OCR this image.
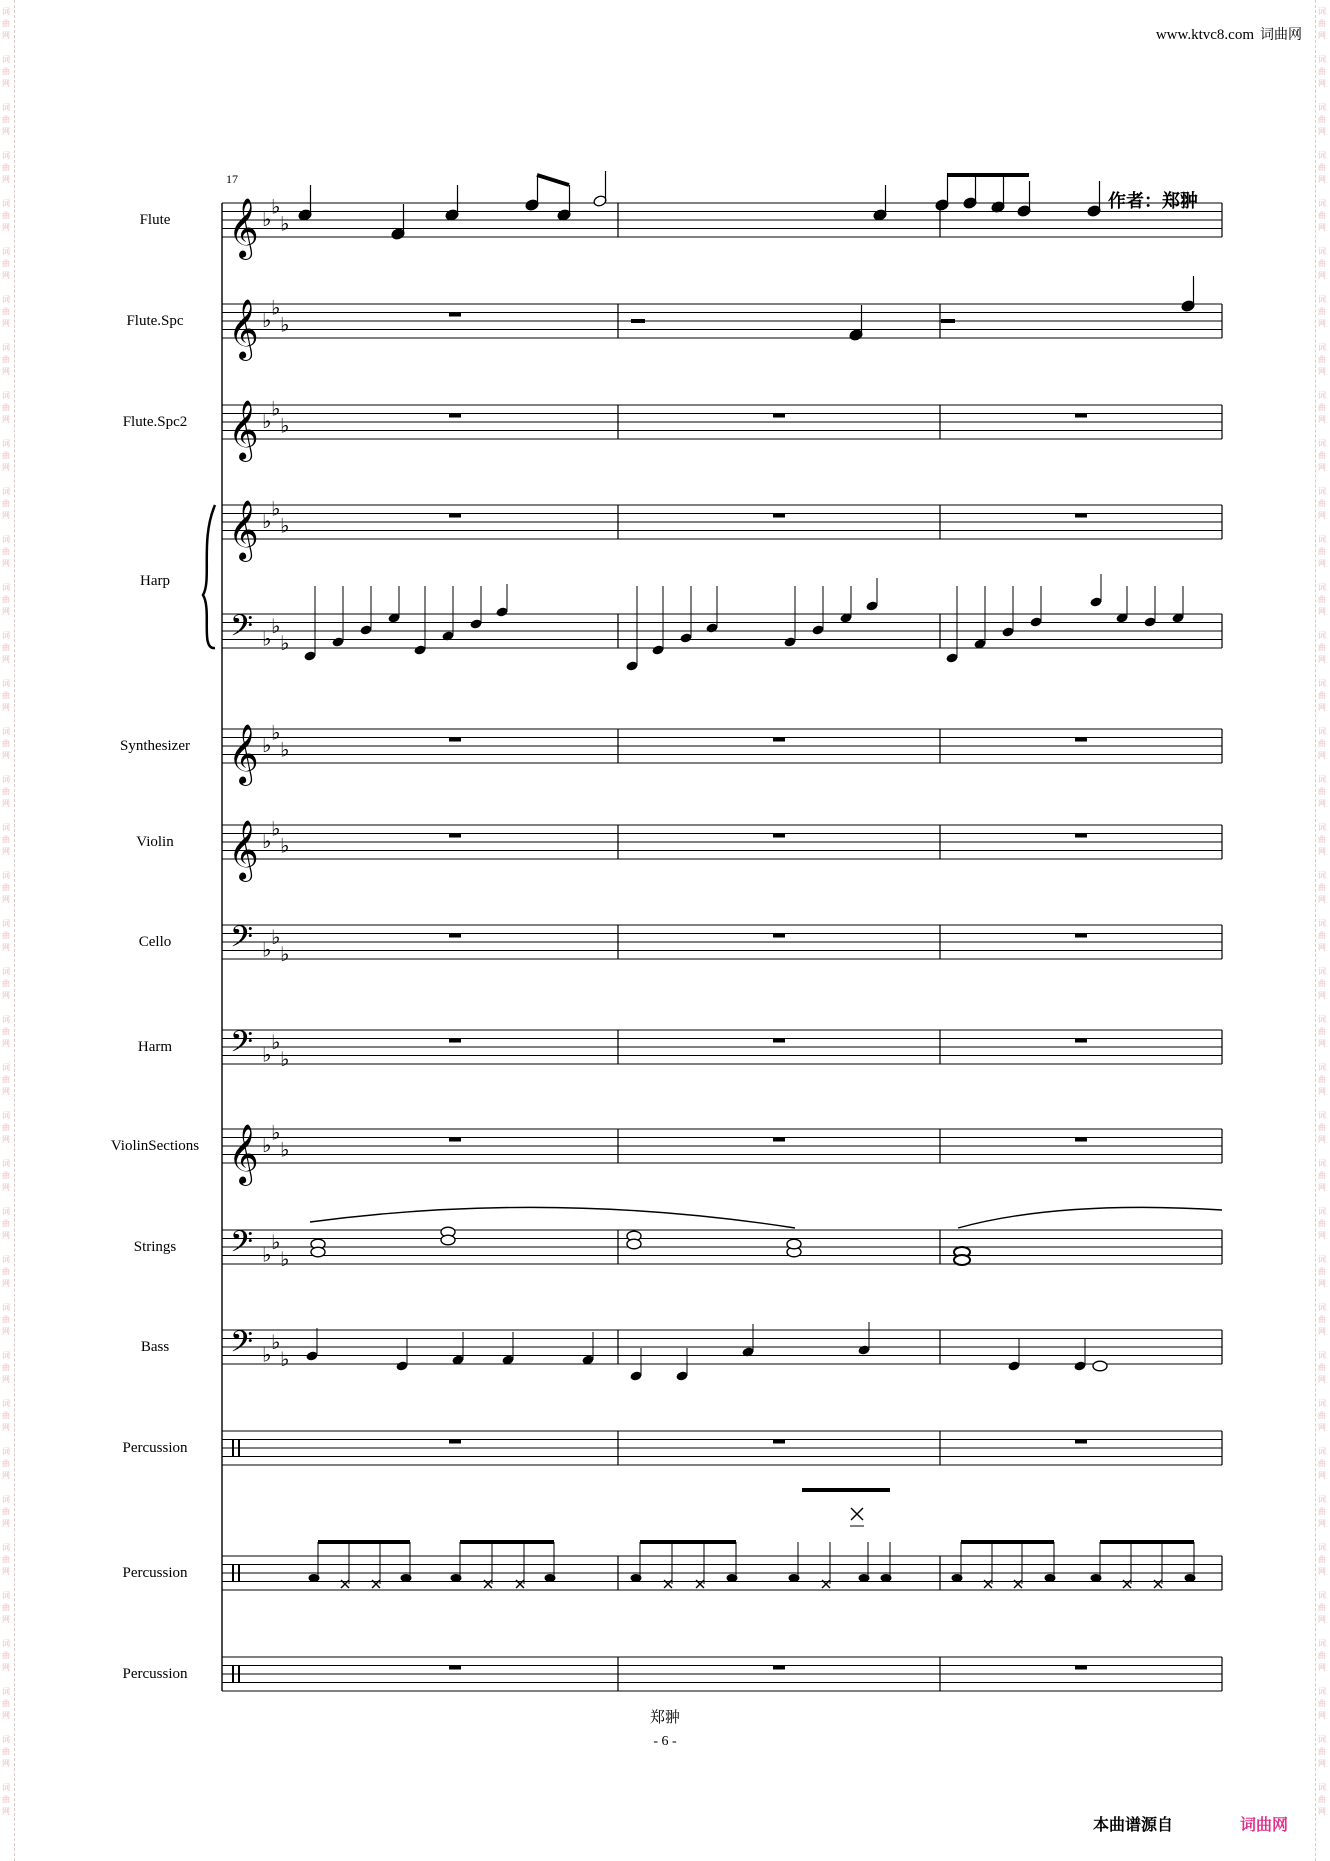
词
曲
网
词
曲
网
词
曲
网
词
曲
网
词
曲
网
词
曲
网
词
曲
网
词
曲
网
词
曲
网
词
曲
网
词
曲
网
词
曲
网
词
曲
网
词
曲
网
词
曲
网
词
曲
网
词
曲
网
词
曲
网
词
曲
网
词
曲
网
词
曲
网
词
曲
网
词
曲
网
词
曲
网
词
曲
网
词
曲
网
词
曲
网
词
曲
网
词
曲
网
词
曲
网
词
曲
网
词
曲
网
词
曲
网
词
曲
网
词
曲
网
词
曲
网
词
曲
网
词
曲
网
词
曲
网
词
曲
网
词
曲
网
词
曲
网
词
曲
网
词
曲
网
词
曲
网
词
曲
网
词
曲
网
词
曲
网
词
曲
网
词
曲
网
词
曲
网
词
曲
网
词
曲
网
词
曲
网
词
曲
网
词
曲
网
词
曲
网
词
曲
网
词
曲
网
词
曲
网
词
曲
网
词
曲
网
词
曲
网
词
曲
网
词
曲
网
词
曲
网
词
曲
网
词
曲
网
词
曲
网
词
曲
网
词
曲
网
词
曲
网
词
曲
网
词
曲
网
词
曲
网
词
曲
网
www.ktvc8.com 词曲网
17
作者：郑翀
Flute
Flute.Spc
Flute.Spc2
Harp
Synthesizer
Violin
Cello
Harm
ViolinSections
Strings
Bass
Percussion
Percussion
Percussion
𝄞 ♭
♭
♭
𝄞 ♭
♭
♭
𝄞 ♭
♭
♭
𝄞 ♭
♭
♭
𝄢 ♭
♭
♭
𝄞 ♭
♭
♭
𝄞 ♭
♭
♭
𝄢 ♭
♭
♭
𝄢 ♭
♭
♭
𝄞 ♭
♭
♭
𝄢 ♭
♭
♭
𝄢 ♭
♭
♭
郑翀
- 6 -
本曲谱源自	词曲网
